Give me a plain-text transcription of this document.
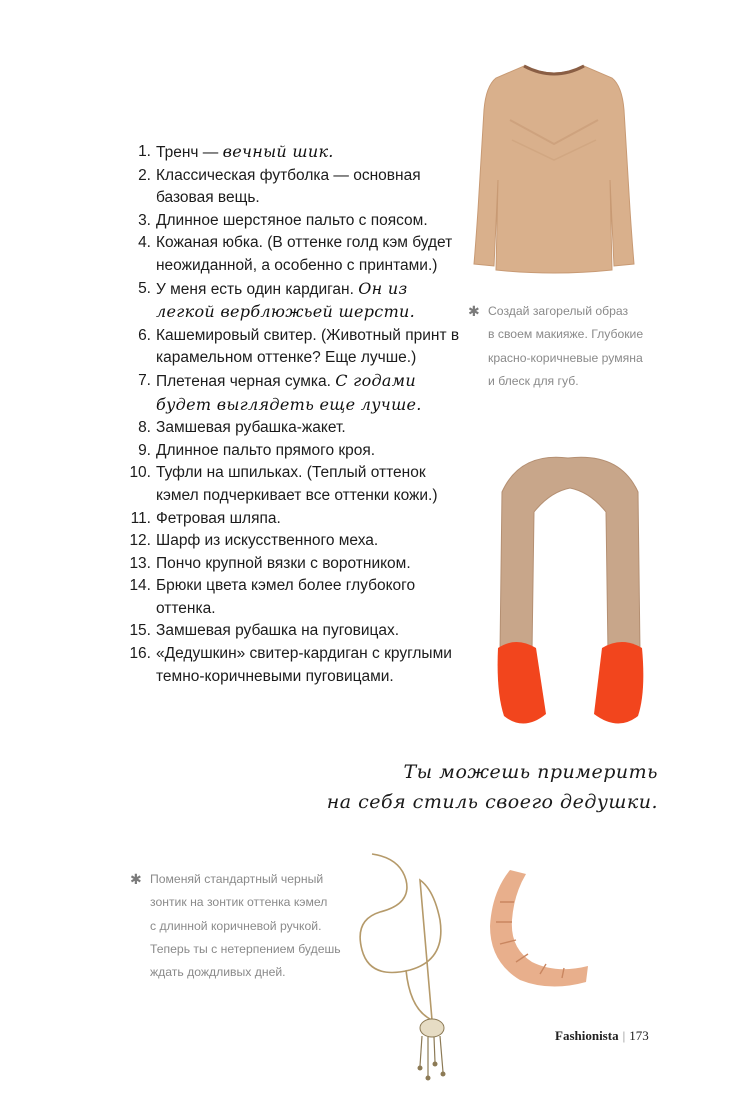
1. Тренч — вечный шик.
2. Классическая футболка — основная базовая вещь.
3. Длинное шерстяное пальто с поясом.
4. Кожаная юбка. (В оттенке голд кэм будет неожиданной, а особенно с принтами.)
5. У меня есть один кардиган. Он из легкой верблюжьей шерсти.
6. Кашемировый свитер. (Животный принт в карамельном оттенке? Еще лучше.)
7. Плетеная черная сумка. С годами будет выглядеть еще лучше.
8. Замшевая рубашка-жакет.
9. Длинное пальто прямого кроя.
10. Туфли на шпильках. (Теплый оттенок кэмел подчеркивает все оттенки кожи.)
11. Фетровая шляпа.
12. Шарф из искусственного меха.
13. Пончо крупной вязки с воротником.
14. Брюки цвета кэмел более глубокого оттенка.
15. Замшевая рубашка на пуговицах.
16. «Дедушкин» свитер-кардиган с круглыми темно-коричневыми пуговицами.
✱ Создай загорелый образ
в своем макияже. Глубокие
красно-коричневые румяна
и блеск для губ.
Ты можешь примерить
на себя стиль своего дедушки.
✱ Поменяй стандартный черный
зонтик на зонтик оттенка кэмел
с длинной коричневой ручкой.
Теперь ты с нетерпением будешь
ждать дождливых дней.
Fashionista | 173
